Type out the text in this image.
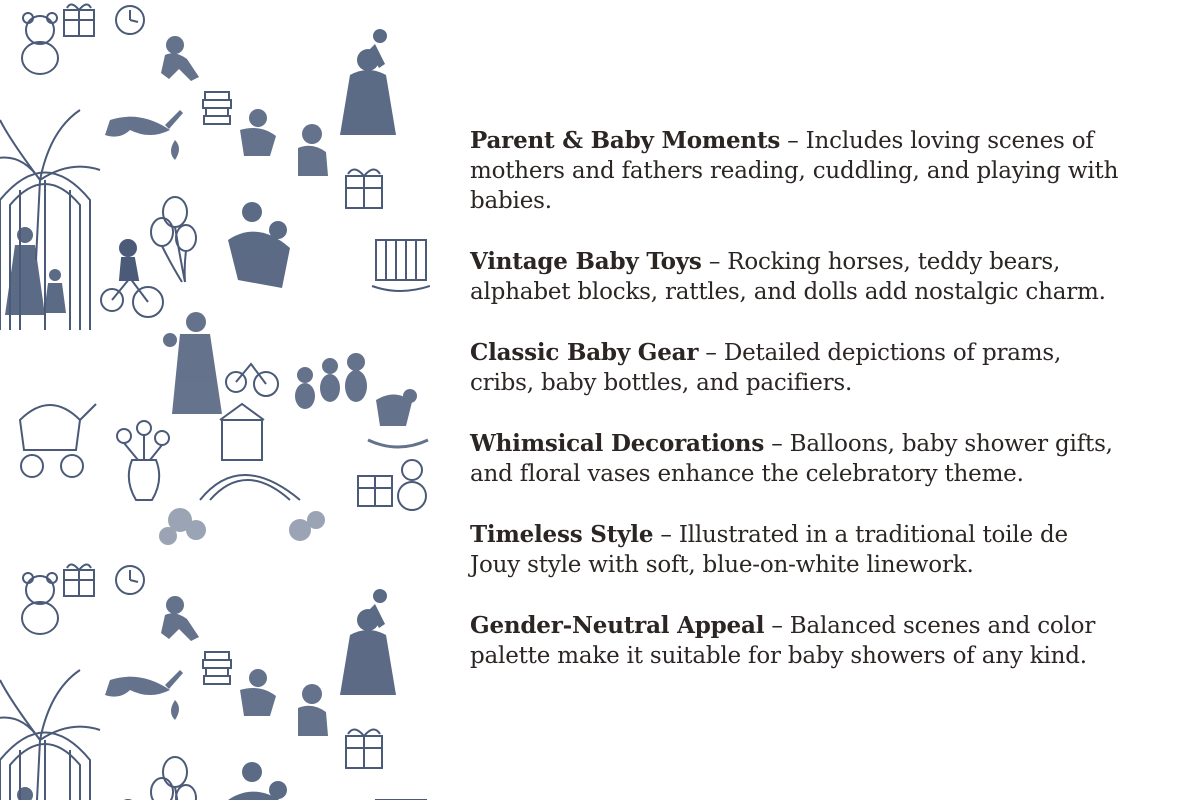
Parent & Baby Moments – Includes loving scenes of mothers and fathers reading, cuddling, and playing with babies.

Vintage Baby Toys – Rocking horses, teddy bears, alphabet blocks, rattles, and dolls add nostalgic charm.

Classic Baby Gear – Detailed depictions of prams, cribs, baby bottles, and pacifiers.

Whimsical Decorations – Balloons, baby shower gifts, and floral vases enhance the celebratory theme.

Timeless Style – Illustrated in a traditional toile de Jouy style with soft, blue-on-white linework.

Gender-Neutral Appeal – Balanced scenes and color palette make it suitable for baby showers of any kind.
